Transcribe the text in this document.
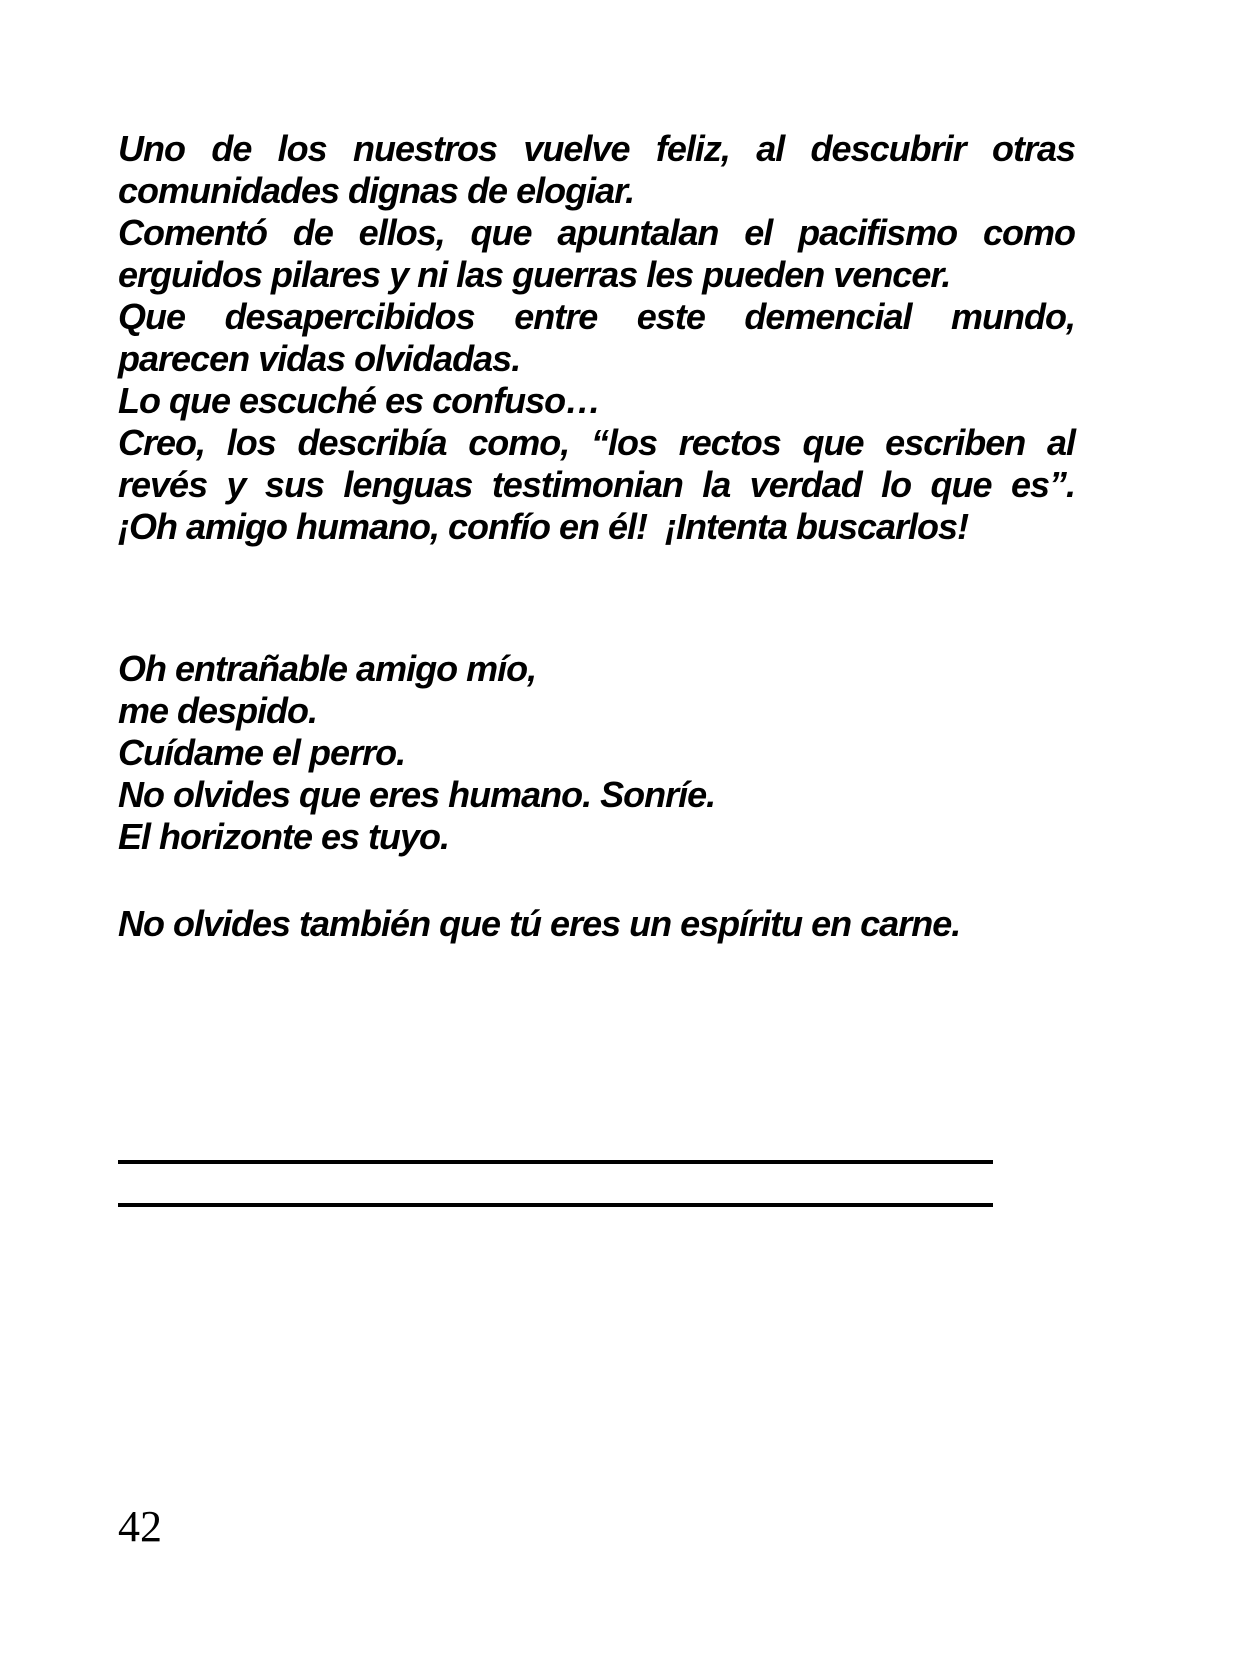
Uno de los nuestros vuelve feliz, al descubrir otras
comunidades dignas de elogiar.
Comentó de ellos, que apuntalan el pacifismo como
erguidos pilares y ni las guerras les pueden vencer.
Que desapercibidos entre este demencial mundo,
parecen vidas olvidadas.
Lo que escuché es confuso…
Creo, los describía como, “los rectos que escriben al
revés y sus lenguas testimonian la verdad lo que es”.
¡Oh amigo humano, confío en él!  ¡Intenta buscarlos!
Oh entrañable amigo mío,
me despido.
Cuídame el perro.
No olvides que eres humano. Sonríe.
El horizonte es tuyo.
No olvides también que tú eres un espíritu en carne.
42
